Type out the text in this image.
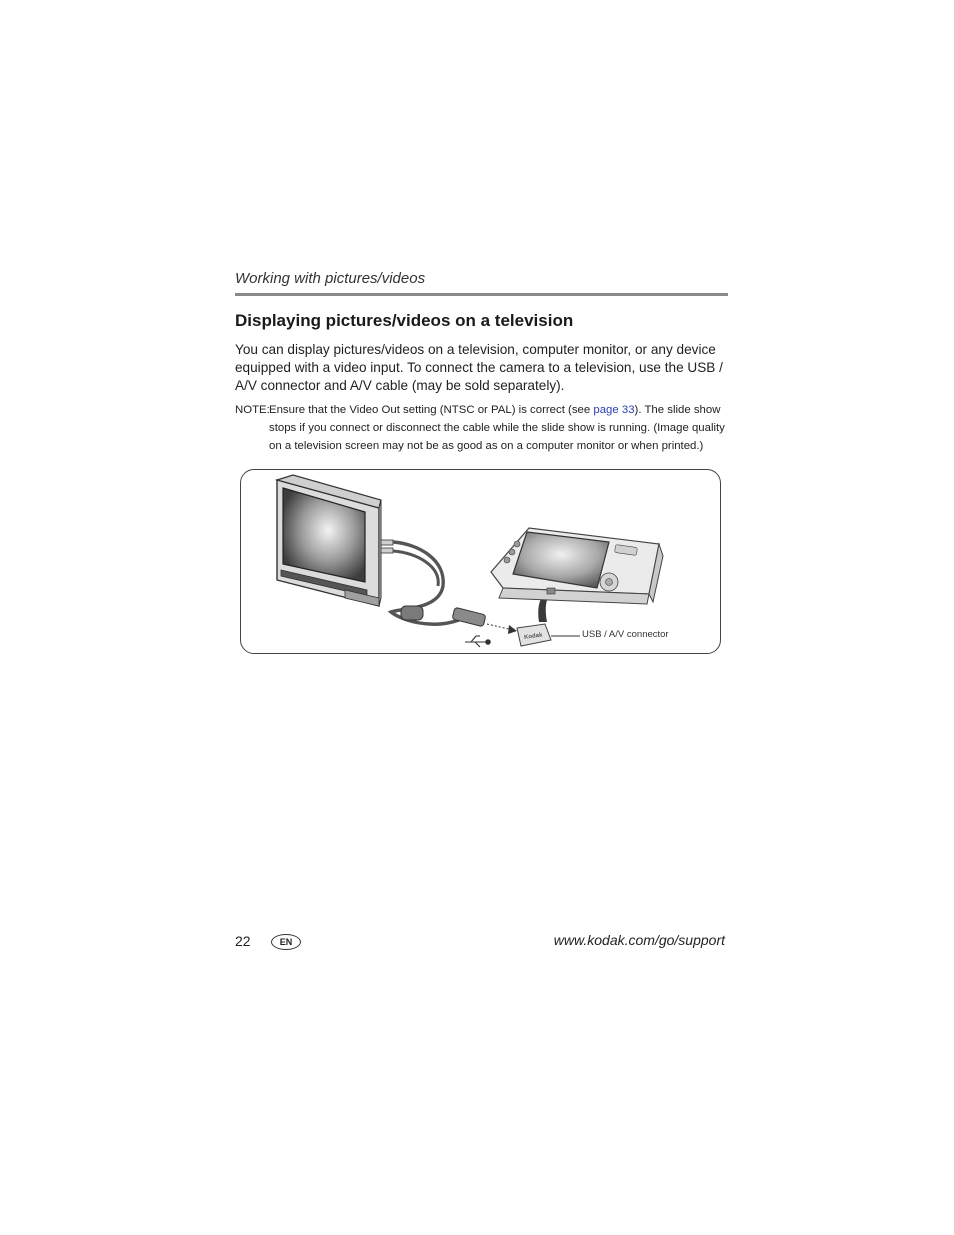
Working with pictures/videos
Displaying pictures/videos on a television

You can display pictures/videos on a television, computer monitor, or any device equipped with a video input. To connect the camera to a television, use the USB / A/V connector and A/V cable (may be sold separately).

NOTE: Ensure that the Video Out setting (NTSC or PAL) is correct (see page 33). The slide show stops if you connect or disconnect the cable while the slide show is running. (Image quality on a television screen may not be as good as on a computer monitor or when printed.)
Kodak	USB / A/V connector
22	EN	www.kodak.com/go/support
